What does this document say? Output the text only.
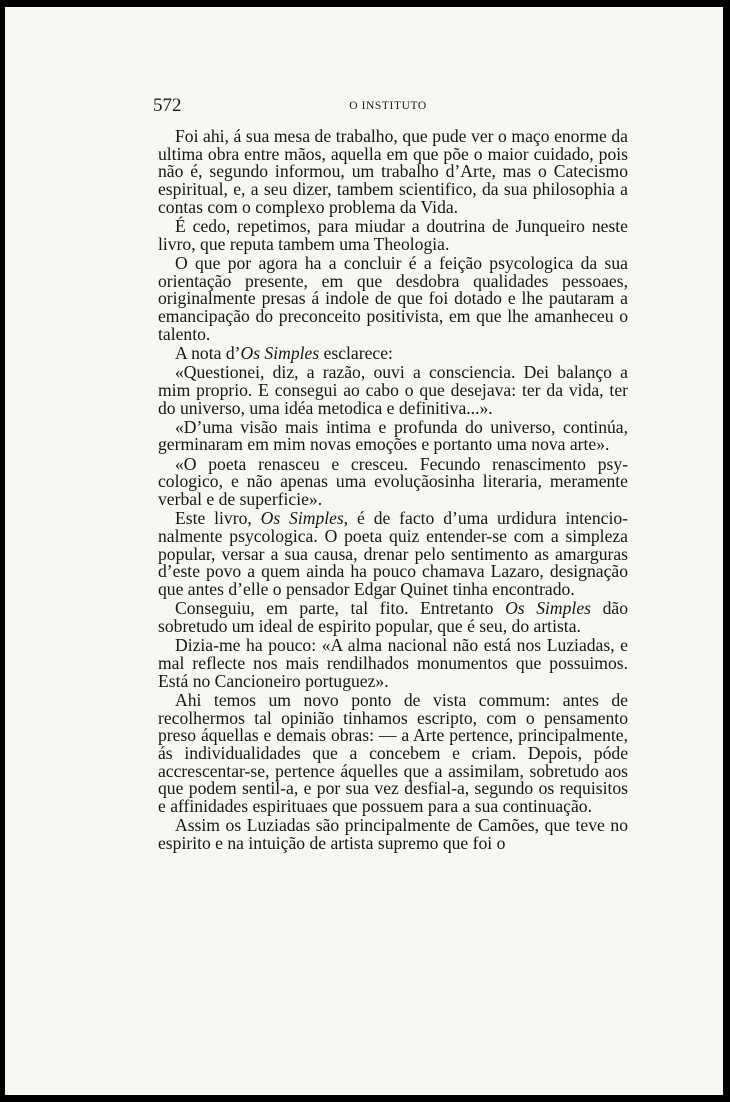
572	O INSTITUTO

Foi ahi, á sua mesa de trabalho, que pude ver o maço enorme da ultima obra entre mãos, aquella em que põe o maior cuidado, pois não é, segundo informou, um trabalho d’Arte, mas o Catecismo espiritual, e, a seu dizer, tambem scientifico, da sua philosophia a contas com o complexo problema da Vida.

É cedo, repetimos, para miudar a doutrina de Junqueiro neste livro, que reputa tambem uma Theologia.

O que por agora ha a concluir é a feição psycologica da sua orientação presente, em que desdobra qualidades pessoaes, originalmente presas á indole de que foi dotado e lhe pautaram a emancipação do preconceito positivista, em que lhe amanheceu o talento.

A nota d’Os Simples esclarece:

«Questionei, diz, a razão, ouvi a consciencia. Dei balanço a mim proprio. E consegui ao cabo o que desejava: ter da vida, ter do universo, uma idéa metodica e definitiva...».

«D’uma visão mais intima e profunda do universo, continúa, germinaram em mim novas emoções e portanto uma nova arte».

«O poeta renasceu e cresceu. Fecundo renascimento psycologico, e não apenas uma evoluçãosinha literaria, meramente verbal e de superficie».

Este livro, Os Simples, é de facto d’uma urdidura intencionalmente psycologica. O poeta quiz entender-se com a simpleza popular, versar a sua causa, drenar pelo sentimento as amarguras d’este povo a quem ainda ha pouco chamava Lazaro, designação que antes d’elle o pensador Edgar Quinet tinha encontrado.

Conseguiu, em parte, tal fito. Entretanto Os Simples dão sobretudo um ideal de espirito popular, que é seu, do artista.

Dizia-me ha pouco: «A alma nacional não está nos Luziadas, e mal reflecte nos mais rendilhados monumentos que possuimos. Está no Cancioneiro portuguez».

Ahi temos um novo ponto de vista commum: antes de recolhermos tal opinião tinhamos escripto, com o pensamento preso áquellas e demais obras: — a Arte pertence, principalmente, ás individualidades que a concebem e criam. Depois, póde accrescentar-se, pertence áquelles que a assimilam, sobretudo aos que podem sentil-a, e por sua vez desfial-a, segundo os requisitos e affinidades espirituaes que possuem para a sua continuação.

Assim os Luziadas são principalmente de Camões, que teve no espirito e na intuição de artista supremo que foi o
